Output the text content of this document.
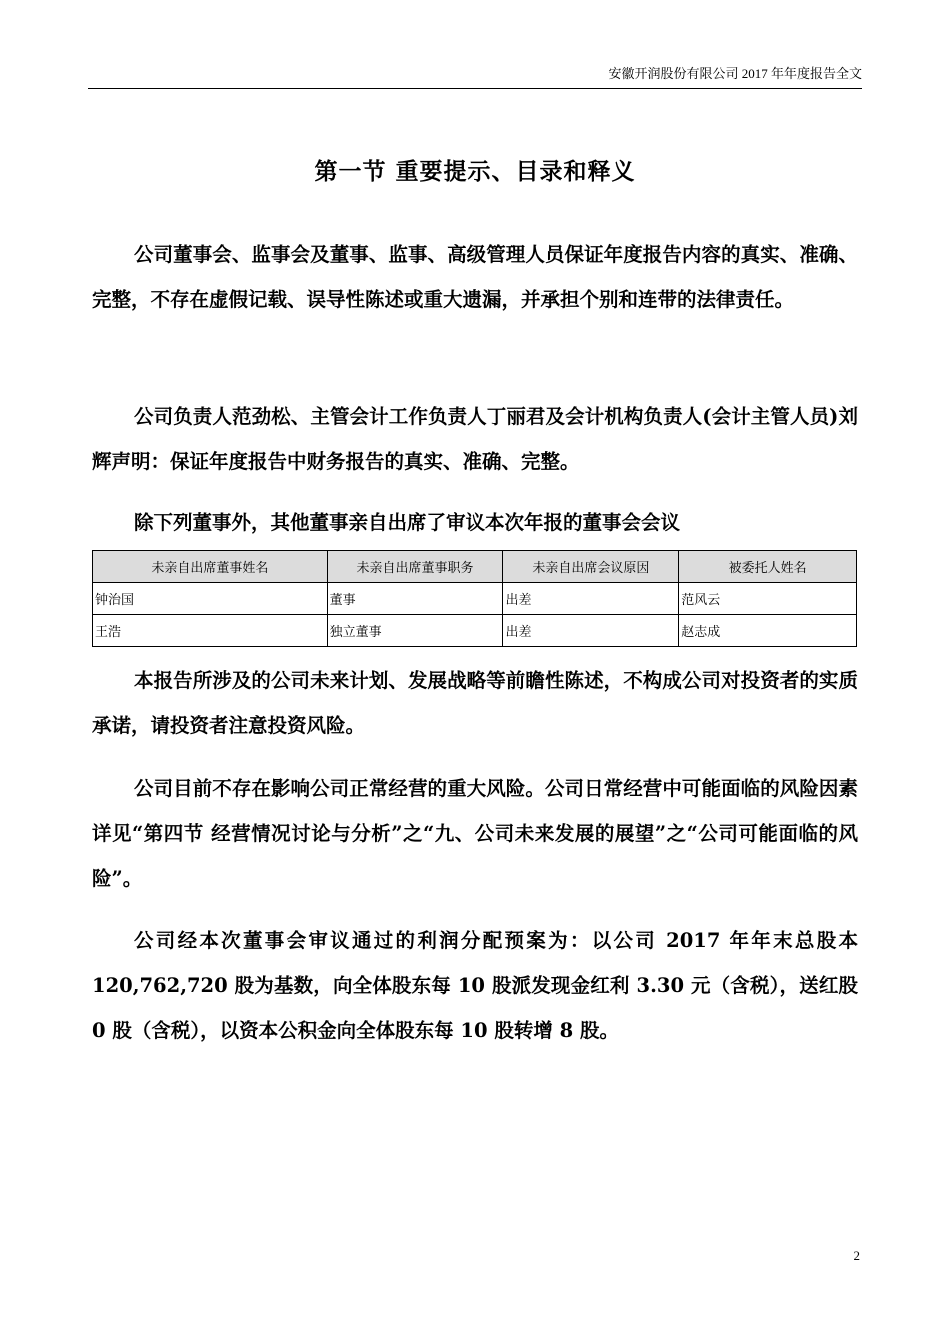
安徽开润股份有限公司 2017 年年度报告全文
第一节 重要提示、目录和释义

公司董事会、监事会及董事、监事、高级管理人员保证年度报告内容的真实、准确、完整，不存在虚假记载、误导性陈述或重大遗漏，并承担个别和连带的法律责任。

公司负责人范劲松、主管会计工作负责人丁丽君及会计机构负责人(会计主管人员)刘辉声明：保证年度报告中财务报告的真实、准确、完整。

除下列董事外，其他董事亲自出席了审议本次年报的董事会会议

未亲自出席董事姓名	未亲自出席董事职务	未亲自出席会议原因	被委托人姓名
钟治国	董事	出差	范风云
王浩	独立董事	出差	赵志成

本报告所涉及的公司未来计划、发展战略等前瞻性陈述，不构成公司对投资者的实质承诺，请投资者注意投资风险。

公司目前不存在影响公司正常经营的重大风险。公司日常经营中可能面临的风险因素详见“第四节 经营情况讨论与分析”之“九、公司未来发展的展望”之“公司可能面临的风险”。

公司经本次董事会审议通过的利润分配预案为：以公司 2017 年年末总股本 120,762,720 股为基数，向全体股东每 10 股派发现金红利 3.30 元（含税），送红股 0 股（含税），以资本公积金向全体股东每 10 股转增 8 股。

2
